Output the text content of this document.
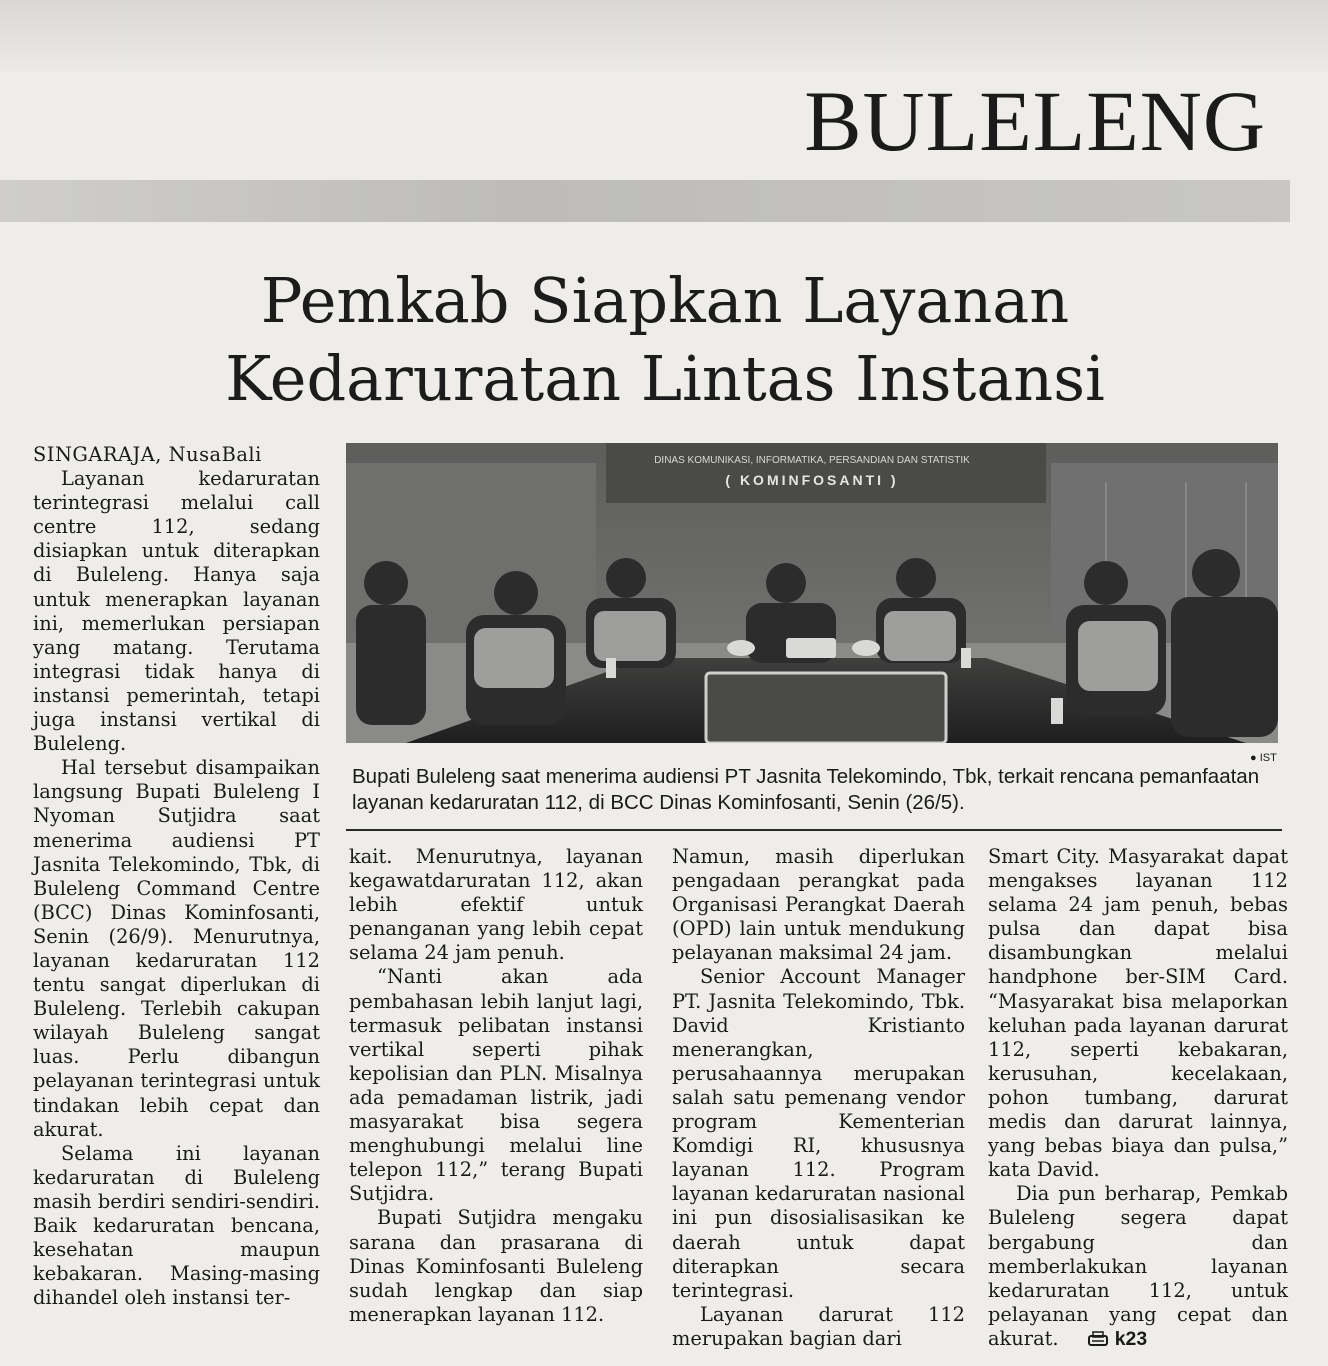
BULELENG
Pemkab Siapkan Layanan
Kedaruratan Lintas Instansi

SINGARAJA, NusaBali

Layanan kedaruratan terintegrasi melalui call centre 112, sedang disiapkan untuk diterapkan di Buleleng. Hanya saja untuk menerapkan layanan ini, memerlukan persiapan yang matang. Terutama integrasi tidak hanya di instansi pemerintah, tetapi juga instansi vertikal di Buleleng.

Hal tersebut disampaikan langsung Bupati Buleleng I Nyoman Sutjidra saat menerima audiensi PT Jasnita Telekomindo, Tbk, di Buleleng Command Centre (BCC) Dinas Kominfosanti, Senin (26/9). Menurutnya, layanan kedaruratan 112 tentu sangat diperlukan di Buleleng. Terlebih cakupan wilayah Buleleng sangat luas. Perlu dibangun pelayanan terintegrasi untuk tindakan lebih cepat dan akurat.

Selama ini layanan kedaruratan di Buleleng masih berdiri sendiri-sendiri. Baik kedaruratan bencana, kesehatan maupun kebakaran. Masing-masing dihandel oleh instansi ter-

DINAS KOMUNIKASI, INFORMATIKA, PERSANDIAN DAN STATISTIK
( KOMINFOSANTI )
● IST

Bupati Buleleng saat menerima audiensi PT Jasnita Telekomindo, Tbk, terkait rencana pemanfaatan layanan kedaruratan 112, di BCC Dinas Kominfosanti, Senin (26/5).

kait. Menurutnya, layanan kegawatdaruratan 112, akan lebih efektif untuk penanganan yang lebih cepat selama 24 jam penuh.

“Nanti akan ada pembahasan lebih lanjut lagi, termasuk pelibatan instansi vertikal seperti pihak kepolisian dan PLN. Misalnya ada pemadaman listrik, jadi masyarakat bisa segera menghubungi melalui line telepon 112,” terang Bupati Sutjidra.

Bupati Sutjidra mengaku sarana dan prasarana di Dinas Kominfosanti Buleleng sudah lengkap dan siap menerapkan layanan 112.

Namun, masih diperlukan pengadaan perangkat pada Organisasi Perangkat Daerah (OPD) lain untuk mendukung pelayanan maksimal 24 jam.

Senior Account Manager PT. Jasnita Telekomindo, Tbk. David Kristianto menerangkan, perusahaannya merupakan salah satu pemenang vendor program Kementerian Komdigi RI, khususnya layanan 112. Program layanan kedaruratan nasional ini pun disosialisasikan ke daerah untuk dapat diterapkan secara terintegrasi.

Layanan darurat 112 merupakan bagian dari

Smart City. Masyarakat dapat mengakses layanan 112 selama 24 jam penuh, bebas pulsa dan dapat bisa disambungkan melalui handphone ber-SIM Card. “Masyarakat bisa melaporkan keluhan pada layanan darurat 112, seperti kebakaran, kerusuhan, kecelakaan, pohon tumbang, darurat medis dan darurat lainnya, yang bebas biaya dan pulsa,” kata David.

Dia pun berharap, Pemkab Buleleng segera dapat bergabung dan memberlakukan layanan kedaruratan 112, untuk pelayanan yang cepat dan akurat.	k23
